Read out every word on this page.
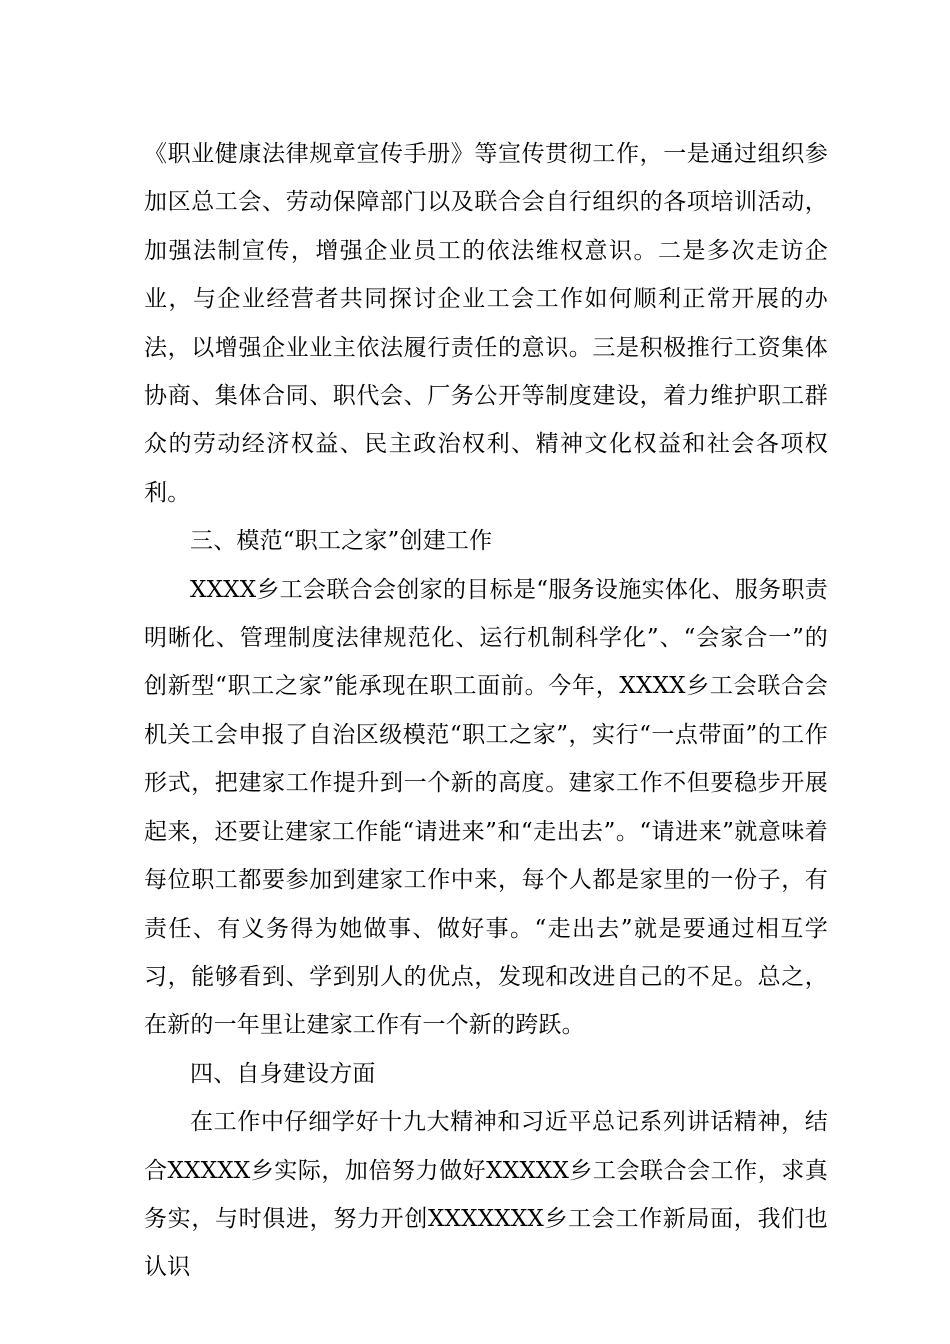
《职业健康法律规章宣传手册》等宣传贯彻工作，一是通过组织参加区总工会、劳动保障部门以及联合会自行组织的各项培训活动，加强法制宣传，增强企业员工的依法维权意识。二是多次走访企业，与企业经营者共同探讨企业工会工作如何顺利正常开展的办法，以增强企业业主依法履行责任的意识。三是积极推行工资集体协商、集体合同、职代会、厂务公开等制度建设，着力维护职工群众的劳动经济权益、民主政治权利、精神文化权益和社会各项权利。

三、模范“职工之家”创建工作

XXXX乡工会联合会创家的目标是“服务设施实体化、服务职责明晰化、管理制度法律规范化、运行机制科学化”、“会家合一”的创新型“职工之家”能承现在职工面前。今年，XXXX乡工会联合会机关工会申报了自治区级模范“职工之家”，实行“一点带面”的工作形式，把建家工作提升到一个新的高度。建家工作不但要稳步开展起来，还要让建家工作能“请进来”和“走出去”。“请进来”就意味着每位职工都要参加到建家工作中来，每个人都是家里的一份子，有责任、有义务得为她做事、做好事。“走出去”就是要通过相互学习，能够看到、学到别人的优点，发现和改进自己的不足。总之，在新的一年里让建家工作有一个新的跨跃。

四、自身建设方面

在工作中仔细学好十九大精神和习近平总记系列讲话精神，结合XXXXX乡实际，加倍努力做好XXXXX乡工会联合会工作，求真务实，与时俱进，努力开创XXXXXXX乡工会工作新局面，我们也认识
